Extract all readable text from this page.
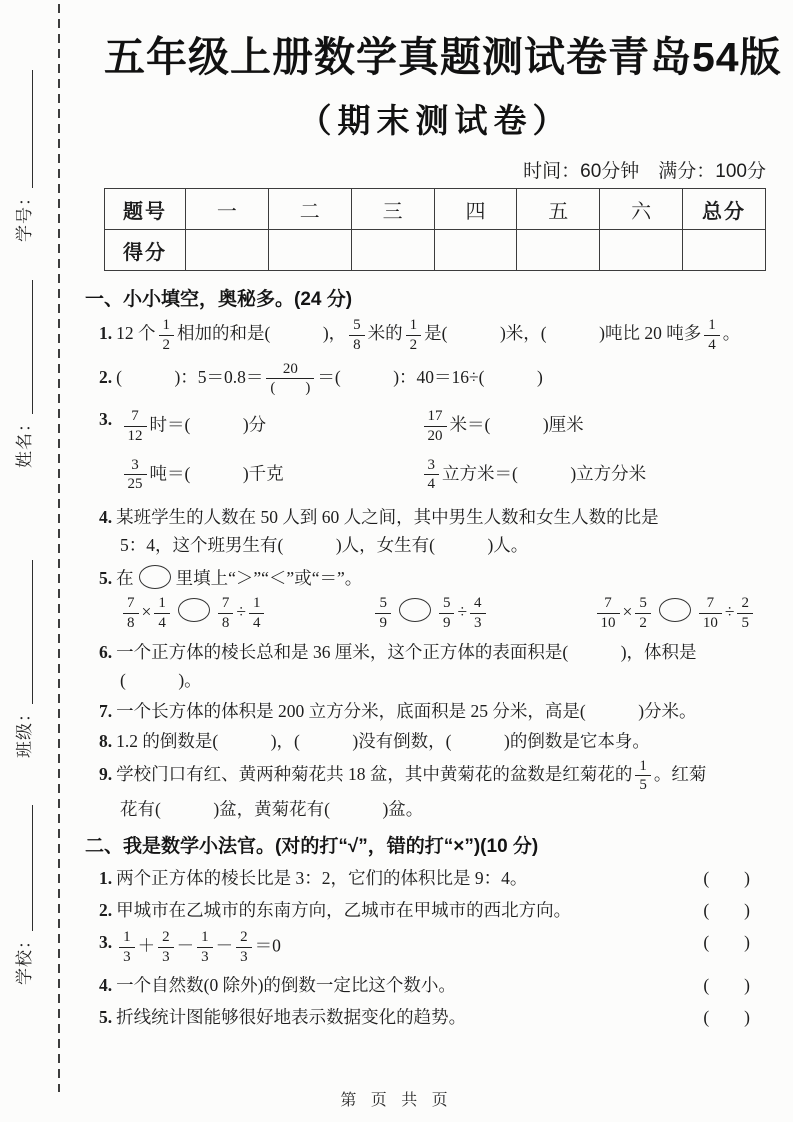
学号：
姓名：
班级：
学校：
五年级上册数学真题测试卷青岛54版
（期末测试卷）
时间：60分钟　满分：100分
题号	一	二	三	四	五	六	总分
得分							
一、小小填空，奥秘多。(24 分)
1. 12 个 $\frac{1}{2}$ 相加的和是(　　　)， $\frac{5}{8}$ 米的 $\frac{1}{2}$ 是(　　　)米，(　　　)吨比 20 吨多 $\frac{1}{4}$ 。
2. (　　　)：$5=0.8= \frac{20}{( )}$ ＝(　　　)：40＝16÷(　　　)
3. $\frac{7}{12}$ 时＝(　　　)分	$\frac{17}{20}$ 米＝(　　　)厘米
$\frac{3}{25}$ 吨＝(　　　)千克	$\frac{3}{4}$ 立方米＝(　　　)立方分米
4. 某班学生的人数在 50 人到 60 人之间，其中男生人数和女生人数的比是
5：4，这个班男生有(　　　)人，女生有(　　　)人。
5. 在 里填上“＞”“＜”或“＝”。
$\frac{7}{8} \times \frac{1}{4}$	$\frac{7}{8} \div \frac{1}{4}$	$\frac{5}{9}$	$\frac{5}{9} \div \frac{4}{3}$	$\frac{7}{10} \times \frac{5}{2}$	$\frac{7}{10} \div \frac{2}{5}$
6. 一个正方体的棱长总和是 36 厘米，这个正方体的表面积是(　　　)，体积是
(　　　)。
7. 一个长方体的体积是 200 立方分米，底面积是 25 分米，高是(　　　)分米。
8. 1.2 的倒数是(　　　)，(　　　)没有倒数，(　　　)的倒数是它本身。
9. 学校门口有红、黄两种菊花共 18 盆，其中黄菊花的盆数是红菊花的 $\frac{1}{5}$ 。红菊
花有(　　　)盆，黄菊花有(　　　)盆。
二、我是数学小法官。(对的打“√”，错的打“×”)(10 分)
1. 两个正方体的棱长比是 3：2，它们的体积比是 9：4。	(　　)
2. 甲城市在乙城市的东南方向，乙城市在甲城市的西北方向。	(　　)
3. $\frac{1}{3} + \frac{2}{3} - \frac{1}{3} - \frac{2}{3} =0$	(　　)
4. 一个自然数(0 除外)的倒数一定比这个数小。	(　　)
5. 折线统计图能够很好地表示数据变化的趋势。	(　　)
第 页 共 页
